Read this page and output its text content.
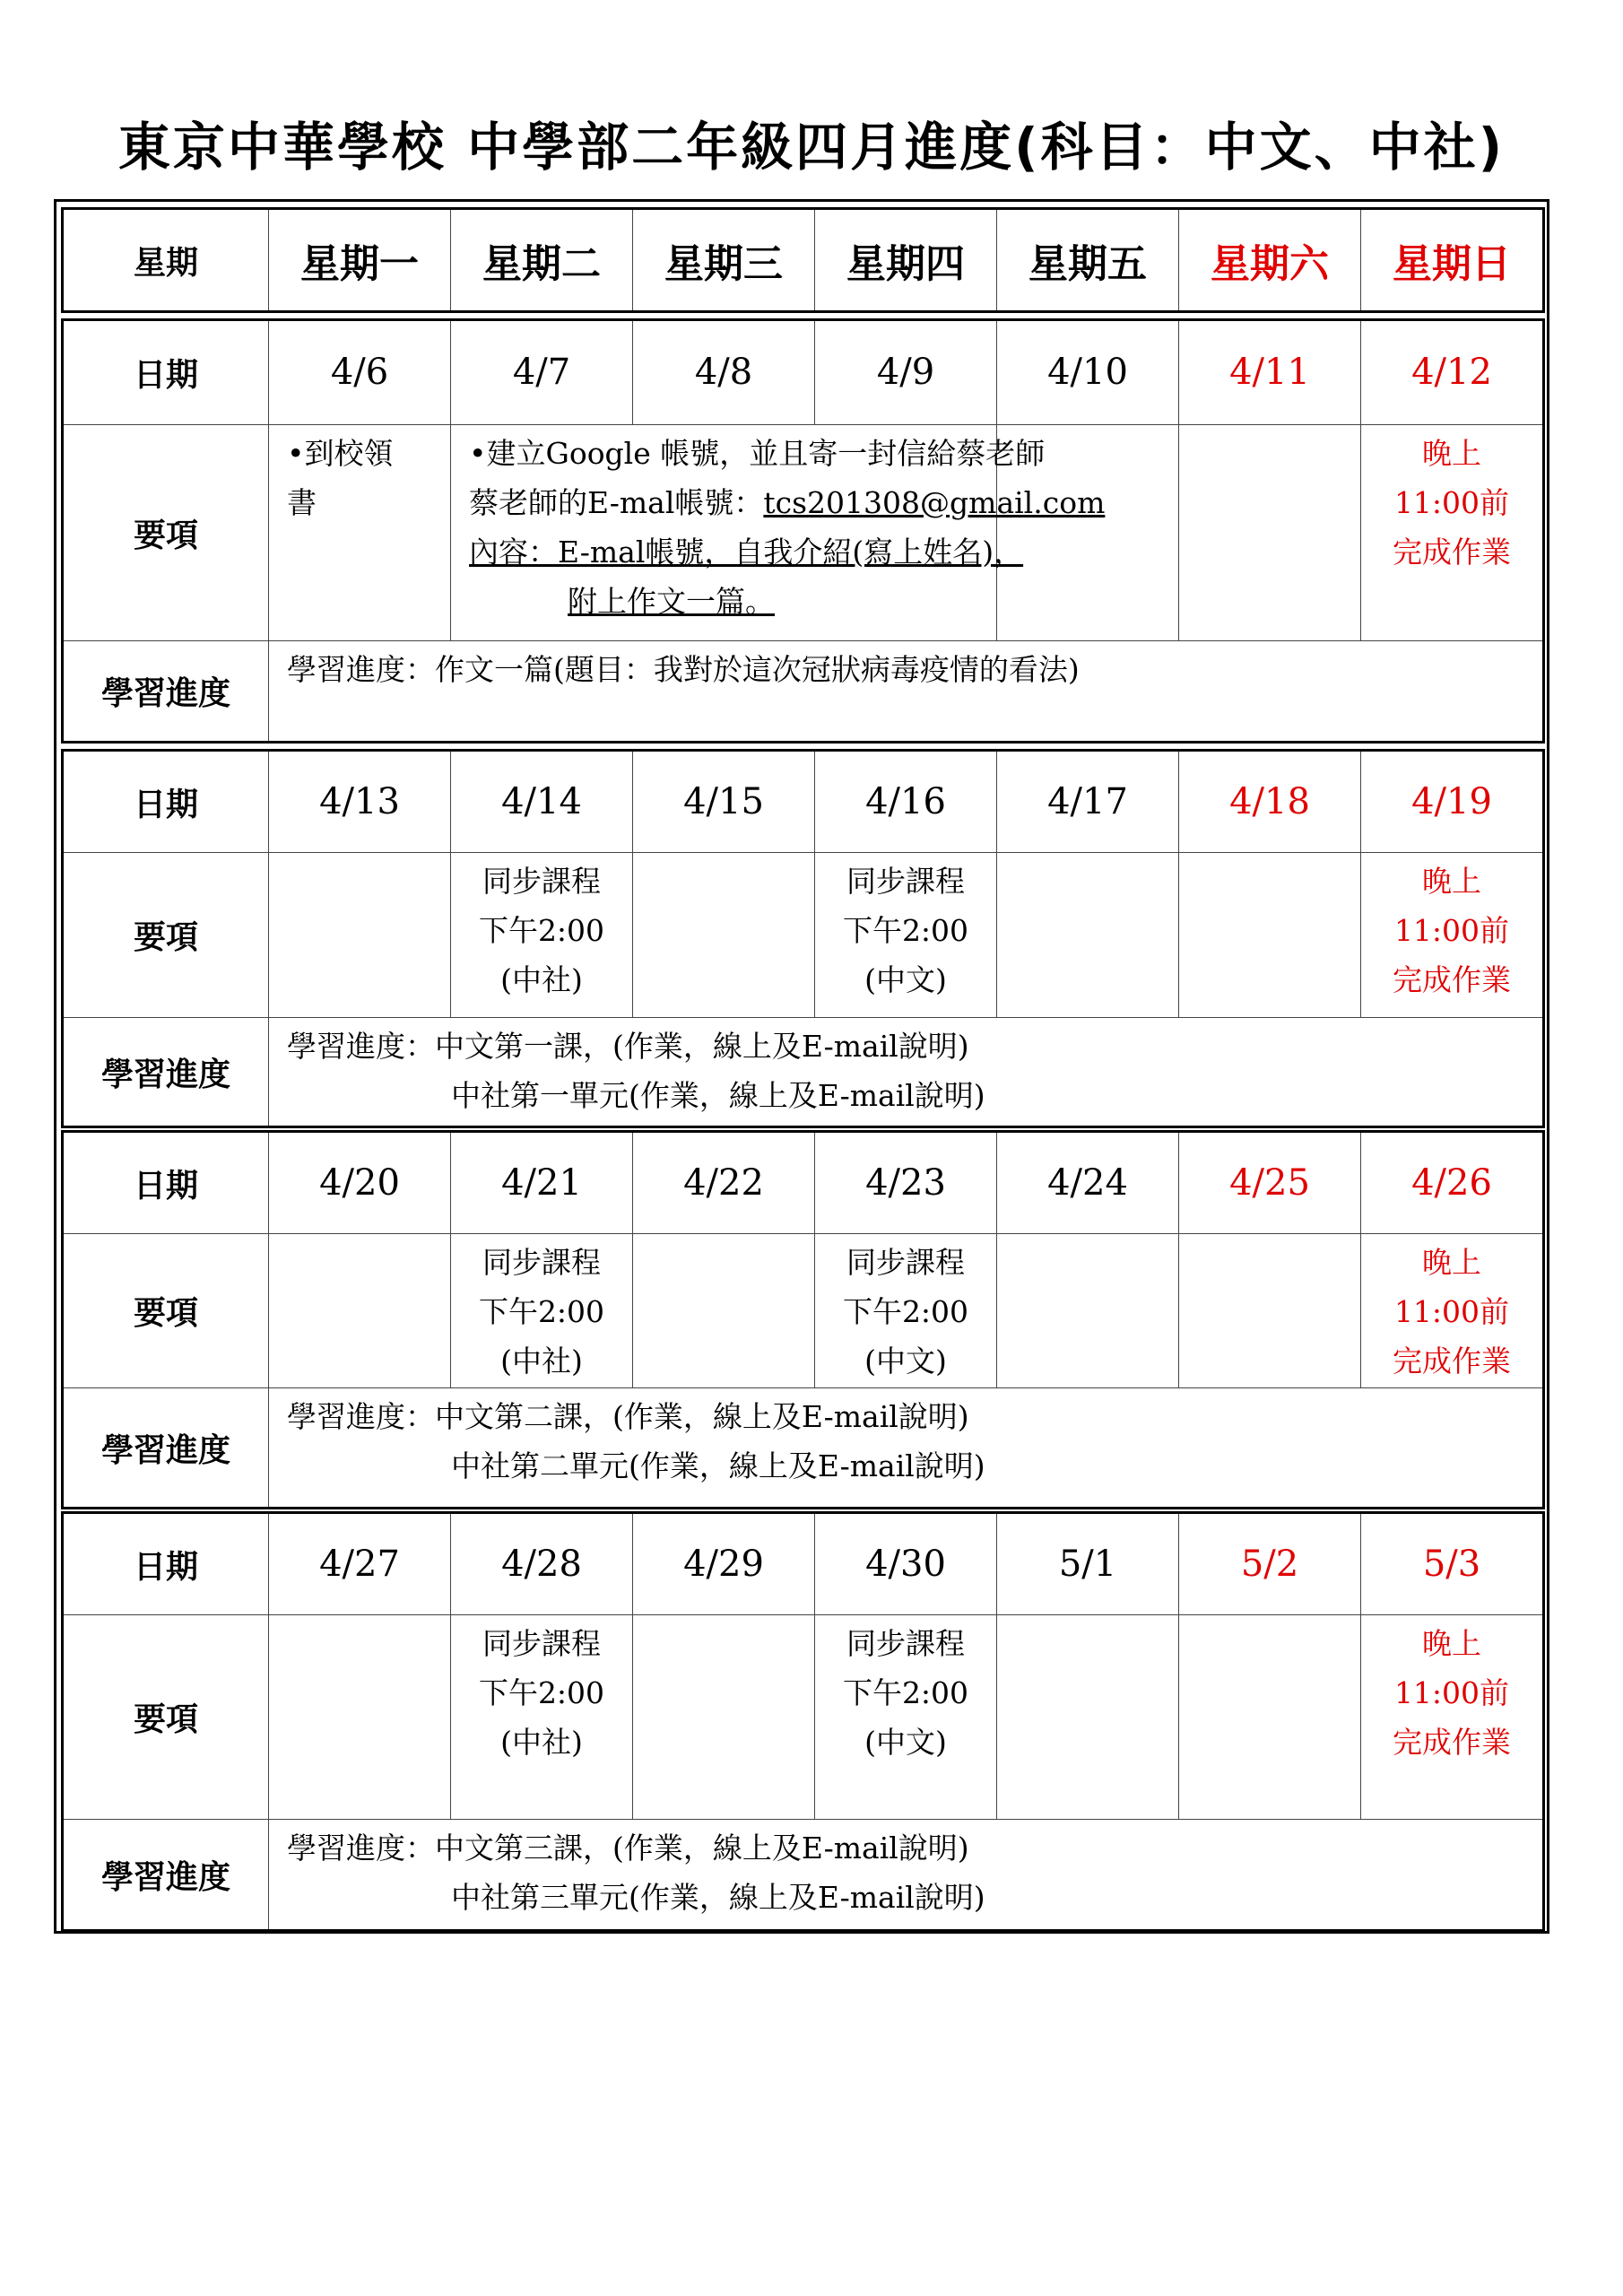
東京中華學校 中學部二年級四月進度(科目：中文、中社)
星期	星期一	星期二	星期三	星期四	星期五	星期六	星期日
日期	4/6	4/7	4/8	4/9	4/10	4/11	4/12
要項	•到校領
書	•建立Google 帳號，並且寄一封信給蔡老師
蔡老師的E-mal帳號：tcs201308@gmail.com
內容：E-mal帳號，自我介紹(寫上姓名)，
附上作文一篇。					晚上
11:00前
完成作業

學習進度	學習進度：作文一篇(題目：我對於這次冠狀病毒疫情的看法)						
日期	4/13	4/14	4/15	4/16	4/17	4/18	4/19
要項		同步課程
下午2:00
(中社)		同步課程
下午2:00
(中文)			晚上
11:00前
完成作業

學習進度	學習進度：中文第一課，(作業，線上及E-mail說明)
中社第一單元(作業，線上及E-mail說明)						
日期	4/20	4/21	4/22	4/23	4/24	4/25	4/26
要項		同步課程
下午2:00
(中社)		同步課程
下午2:00
(中文)			晚上
11:00前
完成作業

學習進度	學習進度：中文第二課，(作業，線上及E-mail說明)
中社第二單元(作業，線上及E-mail說明)						
日期	4/27	4/28	4/29	4/30	5/1	5/2	5/3
要項		同步課程
下午2:00
(中社)		同步課程
下午2:00
(中文)			晚上
11:00前
完成作業

學習進度	學習進度：中文第三課，(作業，線上及E-mail說明)
中社第三單元(作業，線上及E-mail說明)						
